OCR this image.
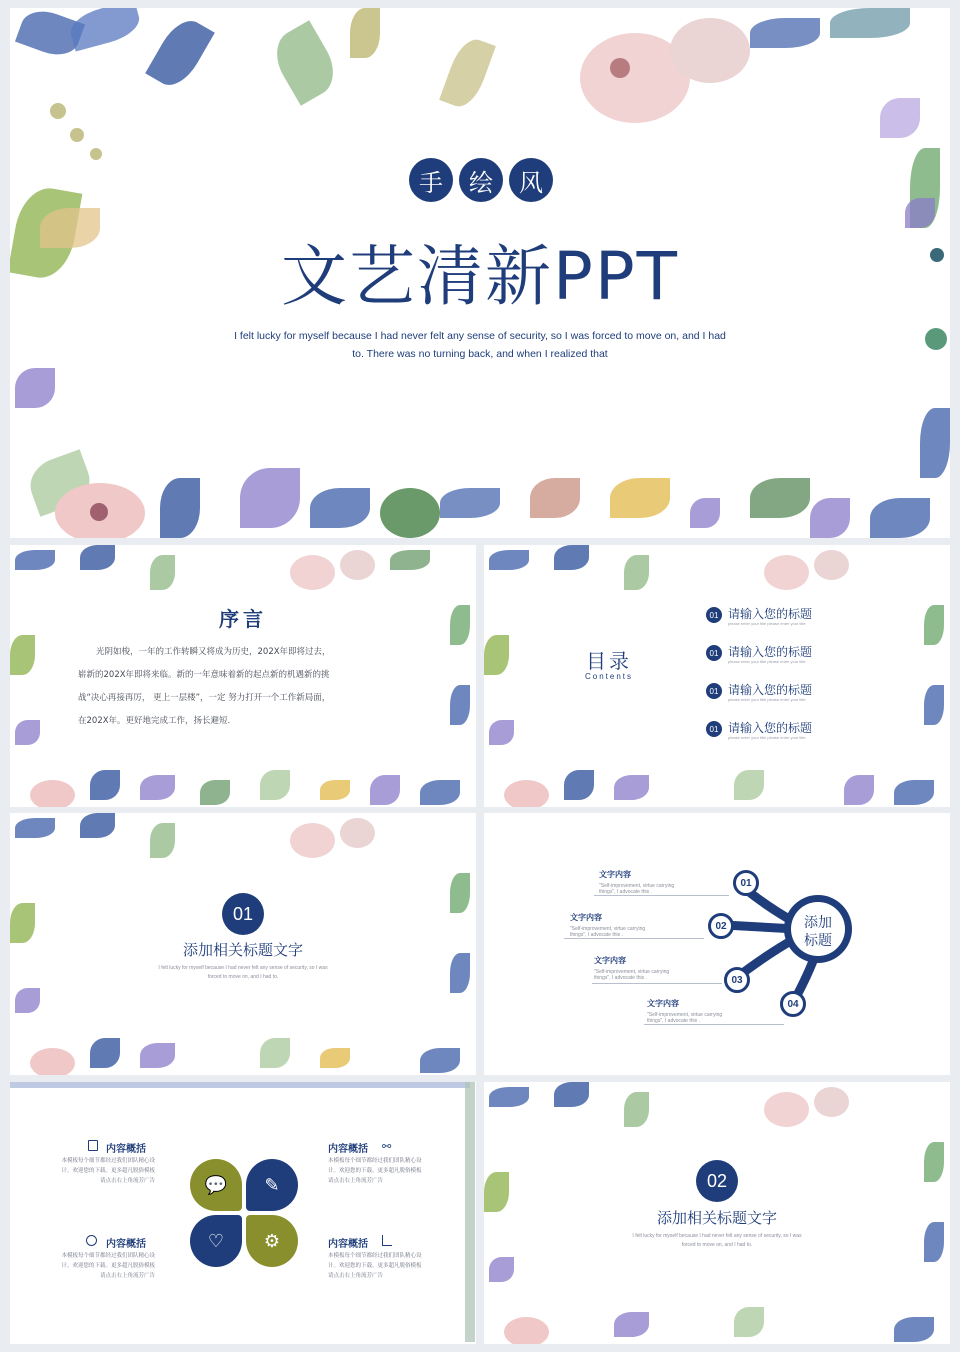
手	绘	风
文艺清新PPT
I felt lucky for myself because I had never felt any sense of security, so I was forced to move on, and I had
to. There was no turning back, and when I realized that
序言
光阴如梭，一年的工作转瞬又将成为历史，202X年即将过去，
崭新的202X年即将来临。新的一年意味着新的起点新的机遇新的挑
战“决心再接再厉， 更上一层楼”，一定 努力打开一个工作新局面，
在202X年。更好地完成工作，扬长避短.
目录
Contents
01 请输入您的标题
please enter your title please enter your title
01 请输入您的标题
please enter your title please enter your title
01 请输入您的标题
please enter your title please enter your title
01 请输入您的标题
please enter your title please enter your title
01
添加相关标题文字
I felt lucky for myself because I had never felt any sense of security, so I was
forced to move on, and I had to.
添加
标题
01
02
03
04
文字内容
"Self-improvement, virtue carrying
things", I advocate this .
文字内容
"Self-improvement, virtue carrying
things", I advocate this .
文字内容
"Self-improvement, virtue carrying
things", I advocate this .
文字内容
"Self-improvement, virtue carrying
things", I advocate this .
内容概括
本模板每个细节都经过我们团队精心设
计。欢迎您的下载。更多超凡脱俗模板
请点击右上角流芳广告
内容概括 ⚯
本模板每个细节都经过我们团队精心设
计。欢迎您的下载。更多超凡脱俗模板
请点击右上角流芳广告
内容概括
本模板每个细节都经过我们团队精心设
计。欢迎您的下载。更多超凡脱俗模板
请点击右上角流芳广告
内容概括
本模板每个细节都经过我们团队精心设
计。欢迎您的下载。更多超凡脱俗模板
请点击右上角流芳广告
💬	✎
♡	⚙
02
添加相关标题文字
I felt lucky for myself because I had never felt any sense of security, so I was
forced to move on, and I had to.
